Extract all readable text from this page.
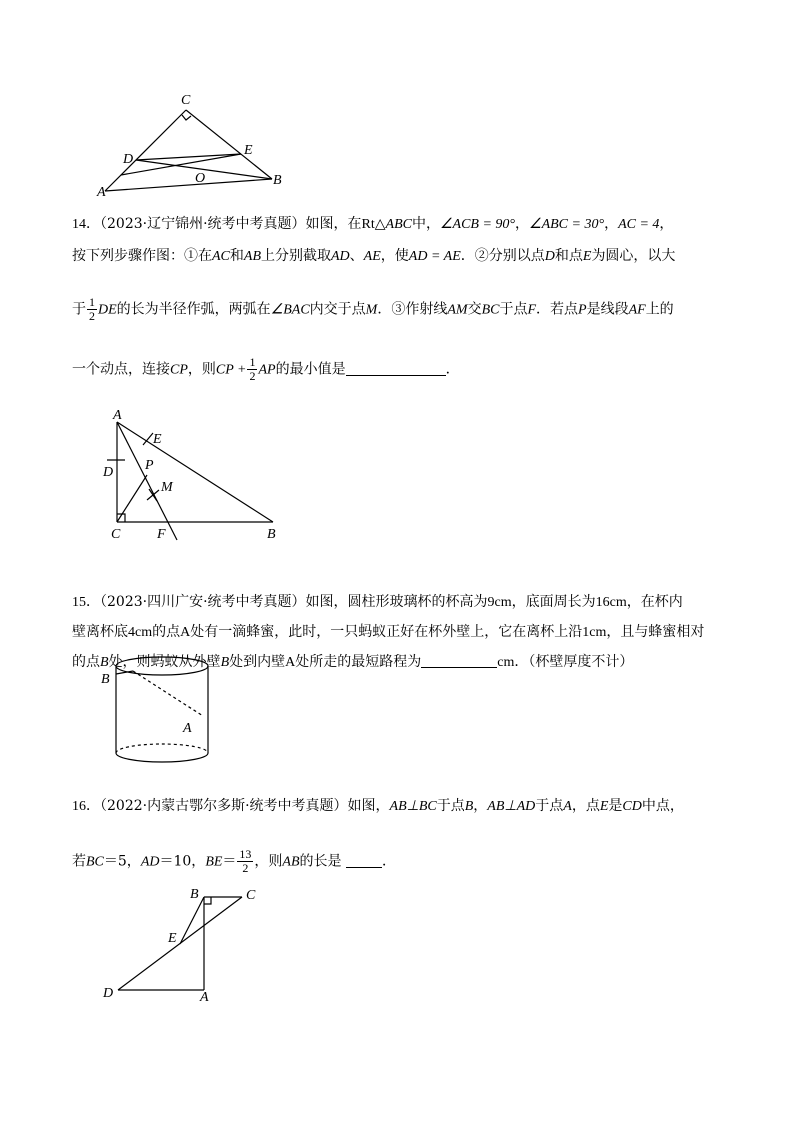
C
D
E
O
A
B
14．（2023·辽宁锦州·统考中考真题）如图，在Rt△ABC中，∠ACB = 90°，∠ABC = 30°，AC = 4，
按下列步骤作图：①在AC和AB上分别截取AD、AE，使AD = AE．②分别以点D和点E为圆心，以大
于 $\frac{1}{2}$ DE的长为半径作弧，两弧在∠BAC内交于点M．③作射线AM交BC于点F．若点P是线段AF上的
一个动点，连接CP，则CP + $\frac{1}{2}$ AP的最小值是	．
A
E
D P
M
C	F	B
15．（2023·四川广安·统考中考真题）如图，圆柱形玻璃杯的杯高为9cm，底面周长为16cm，在杯内
壁离杯底4cm的点A处有一滴蜂蜜，此时，一只蚂蚁正好在杯外壁上，它在离杯上沿1cm，且与蜂蜜相对
的点B处，则蚂蚁从外壁B处到内壁A处所走的最短路程为	cm．（杯壁厚度不计）
B
A
16．（2022·内蒙古鄂尔多斯·统考中考真题）如图，AB⊥BC于点B，AB⊥AD于点A，点E是CD中点，
若BC＝5，AD＝10，$BE= \frac{13}{2}$ ，则AB的长是	．
B	C
E
D	A
